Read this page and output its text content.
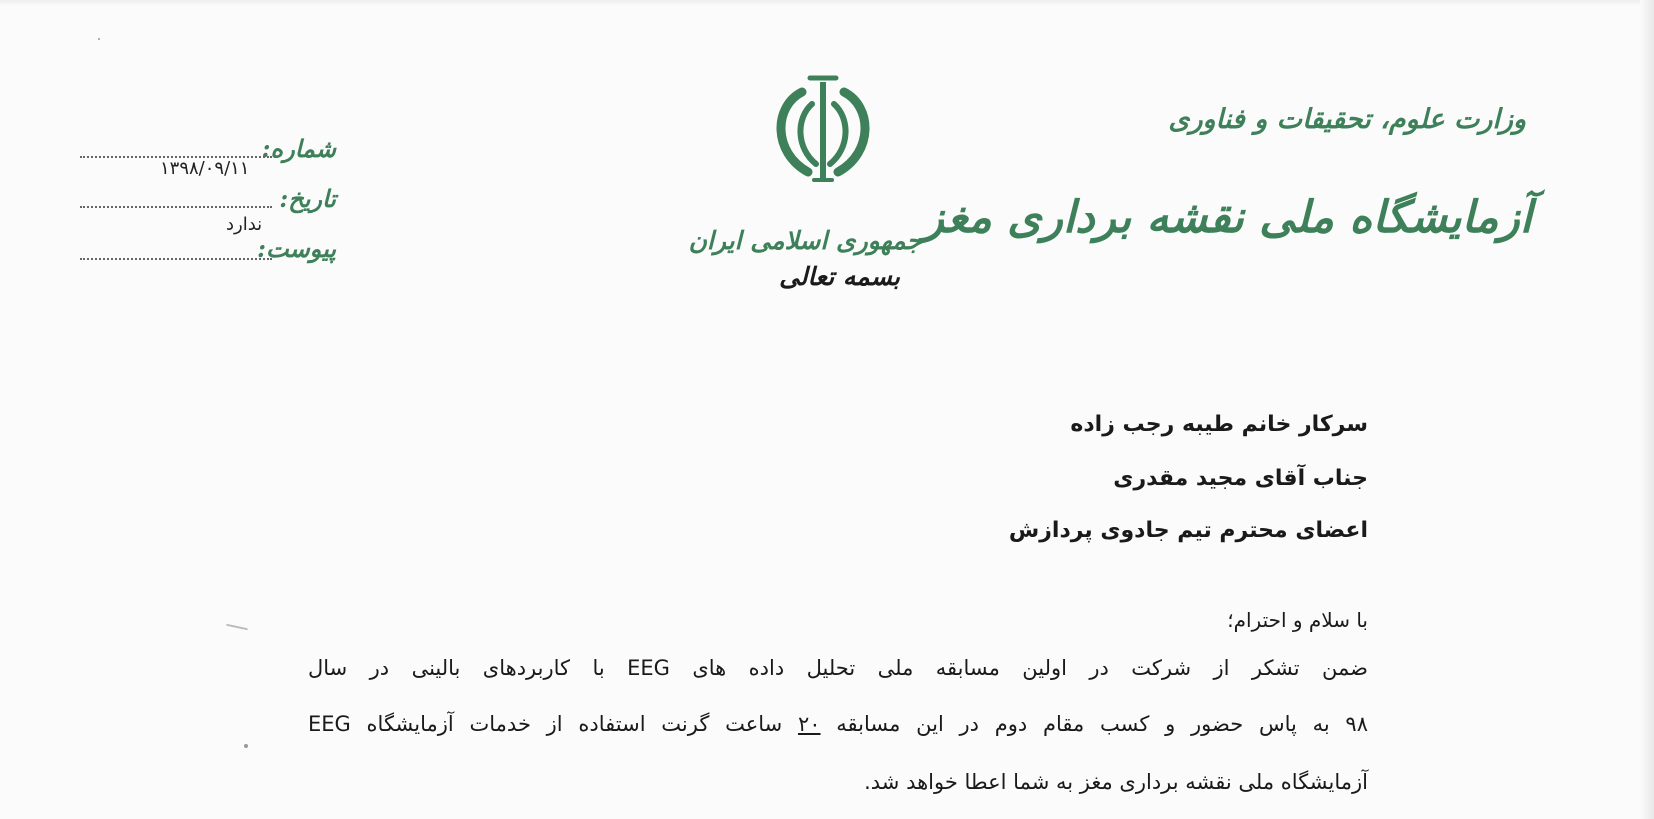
وزارت علوم، تحقیقات و فناوری
آزمایشگاه ملی نقشه برداری مغز
جمهوری اسلامی ایران
بسمه تعالی
شماره:
۱۳۹۸/۰۹/۱۱
تاریخ:
پیوست:
ندارد
سرکار خانم طیبه رجب زاده
جناب آقای مجید مقدری
اعضای محترم تیم جادوی پردازش
با سلام و احترام؛
ضمن تشکر از شرکت در اولین مسابقه ملی تحلیل داده های EEG با کاربردهای بالینی در سال
۹۸ به پاس حضور و کسب مقام دوم در این مسابقه ۲۰ ساعت گرنت استفاده از خدمات آزمایشگاه EEG
آزمایشگاه ملی نقشه برداری مغز به شما اعطا خواهد شد.
